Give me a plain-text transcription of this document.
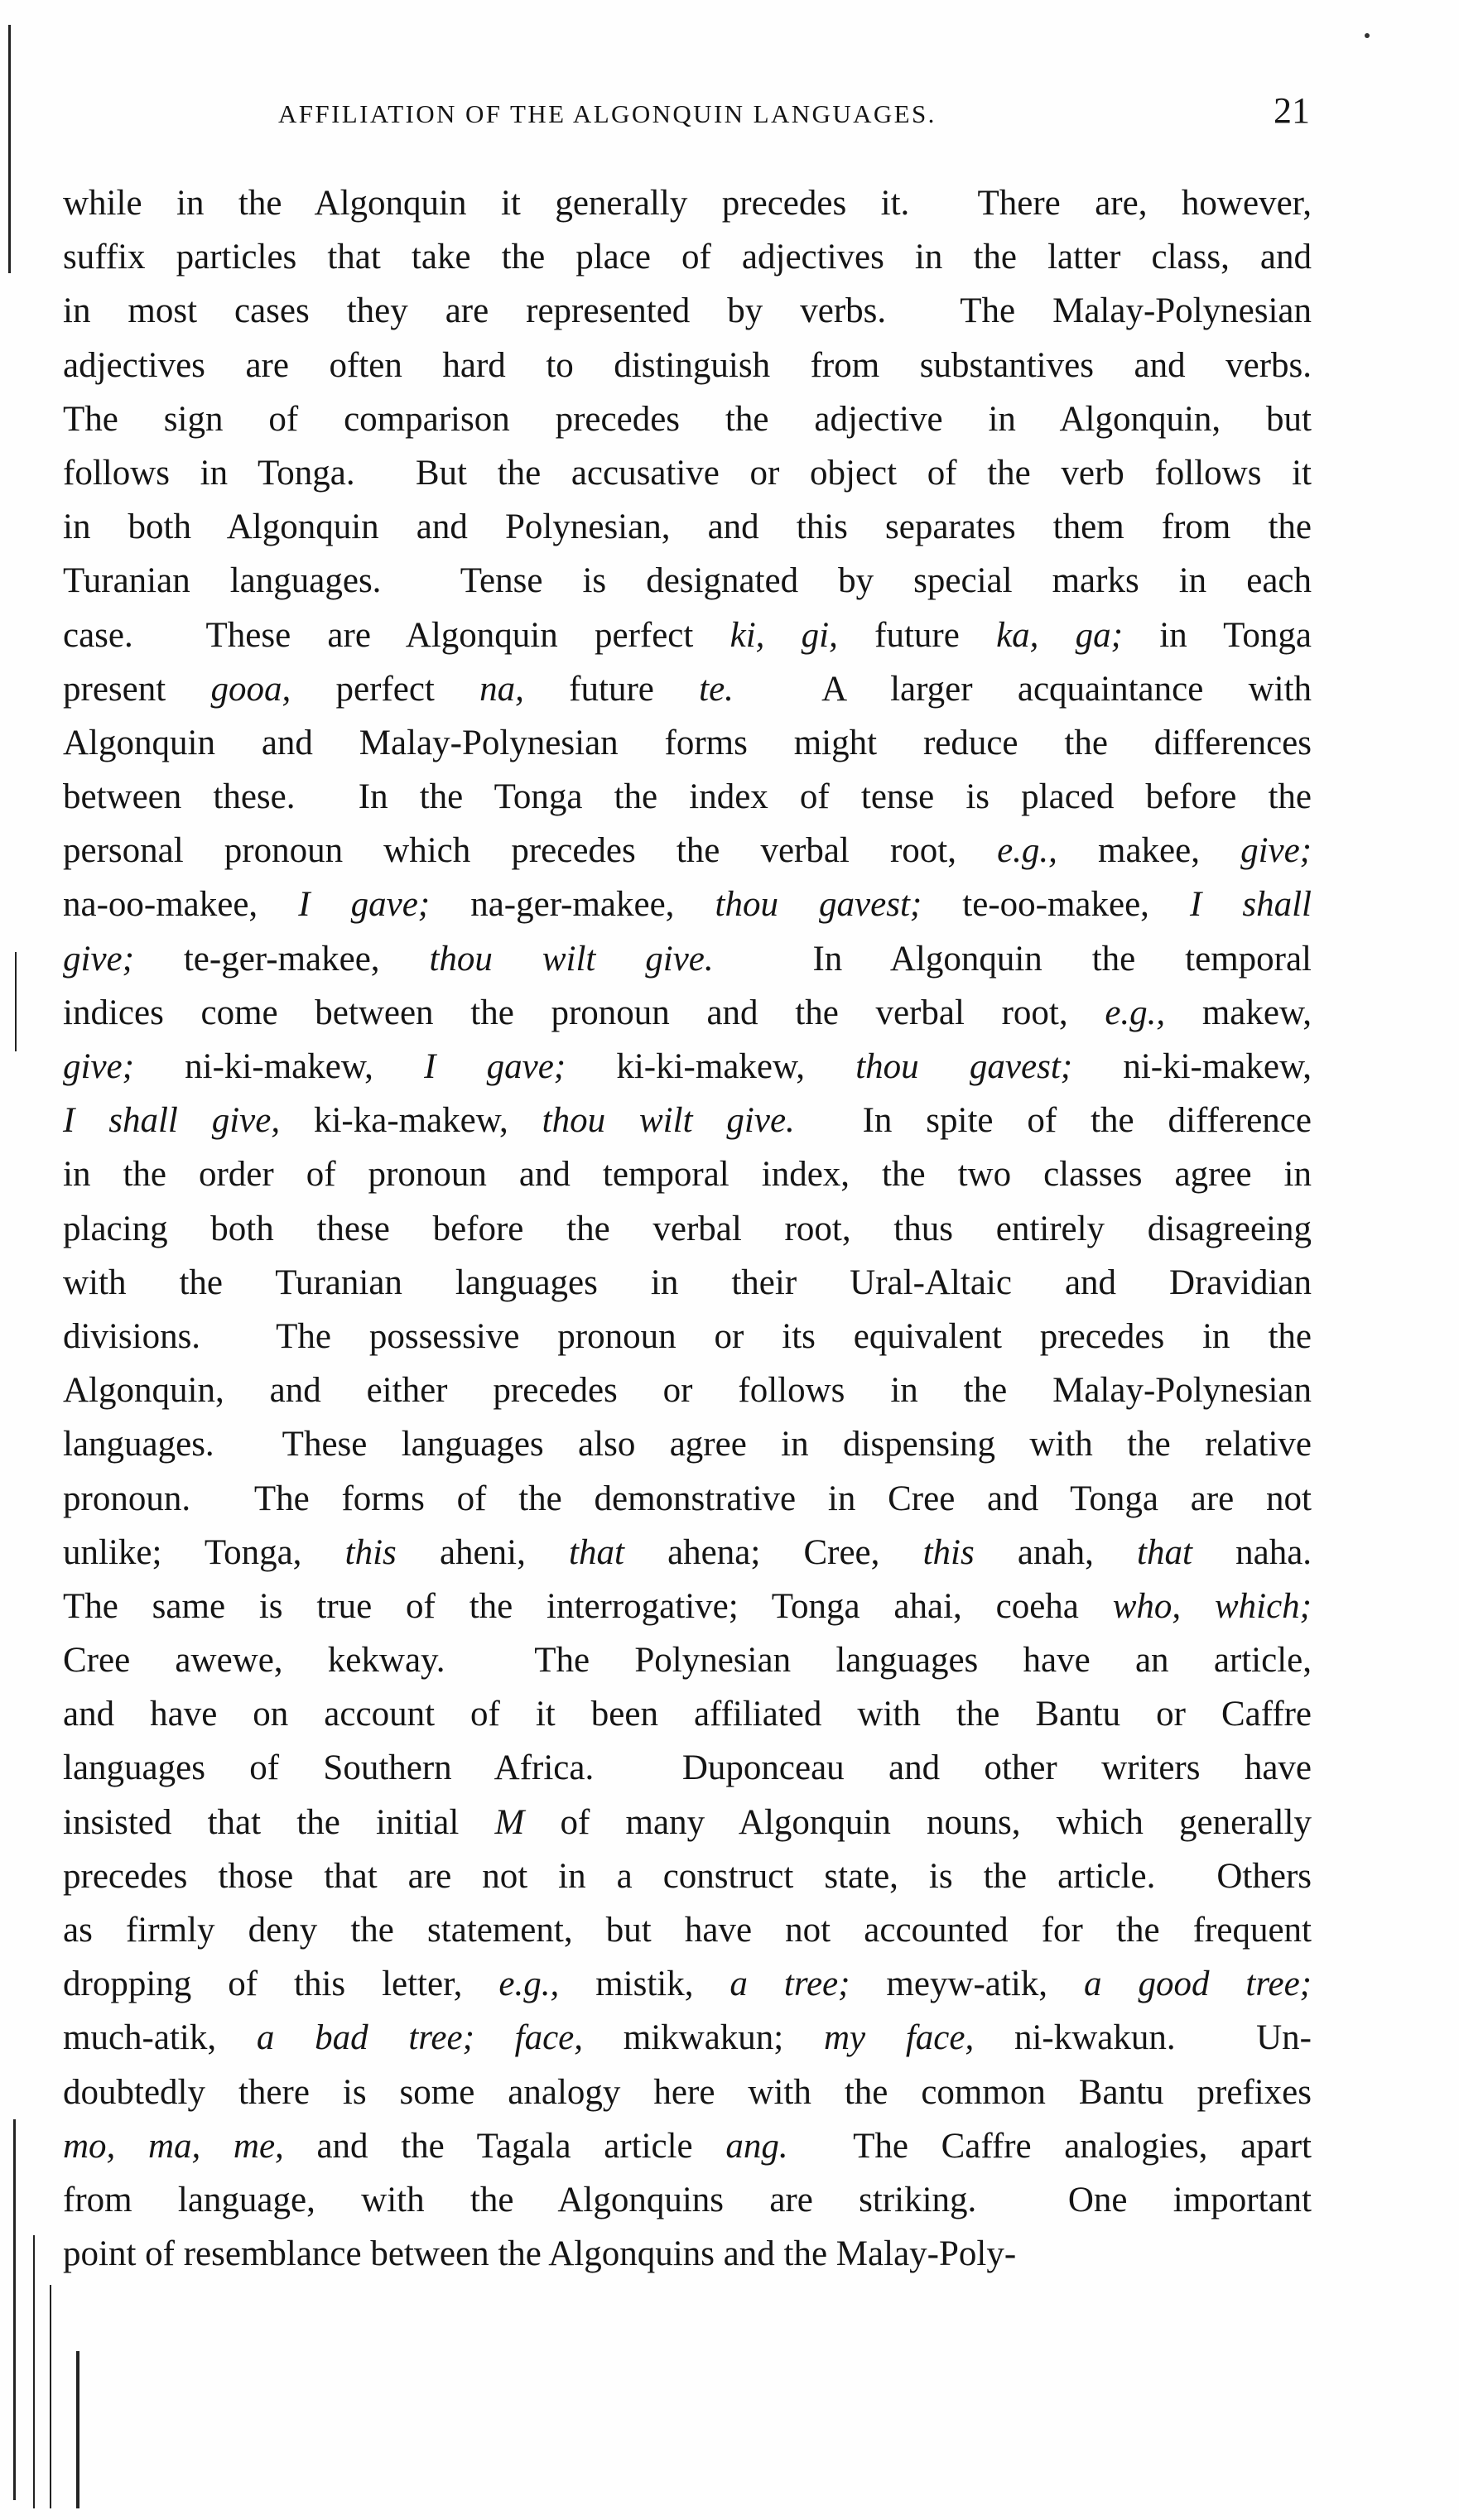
AFFILIATION OF THE ALGONQUIN LANGUAGES.	21
while in the Algonquin it generally precedes it.  There are, however,
suffix particles that take the place of adjectives in the latter class, and
in most cases they are represented by verbs.  The Malay-Polynesian
adjectives are often hard to distinguish from substantives and verbs.
The sign of comparison precedes the adjective in Algonquin, but
follows in Tonga.  But the accusative or object of the verb follows it
in both Algonquin and Polynesian, and this separates them from the
Turanian languages.  Tense is designated by special marks in each
case.  These are Algonquin perfect ki, gi, future ka, ga; in Tonga
present gooa, perfect na, future te.  A larger acquaintance with
Algonquin and Malay-Polynesian forms might reduce the differences
between these.  In the Tonga the index of tense is placed before the
personal pronoun which precedes the verbal root, e.g., makee, give;
na-oo-makee, I gave; na-ger-makee, thou gavest; te-oo-makee, I shall
give; te-ger-makee, thou wilt give.  In Algonquin the temporal
indices come between the pronoun and the verbal root, e.g., makew,
give; ni-ki-makew, I gave; ki-ki-makew, thou gavest; ni-ki-makew,
I shall give, ki-ka-makew, thou wilt give.  In spite of the difference
in the order of pronoun and temporal index, the two classes agree in
placing both these before the verbal root, thus entirely disagreeing
with the Turanian languages in their Ural-Altaic and Dravidian
divisions.  The possessive pronoun or its equivalent precedes in the
Algonquin, and either precedes or follows in the Malay-Polynesian
languages.  These languages also agree in dispensing with the relative
pronoun.  The forms of the demonstrative in Cree and Tonga are not
unlike; Tonga, this aheni, that ahena; Cree, this anah, that naha.
The same is true of the interrogative; Tonga ahai, coeha who, which;
Cree awewe, kekway.  The Polynesian languages have an article,
and have on account of it been affiliated with the Bantu or Caffre
languages of Southern Africa.  Duponceau and other writers have
insisted that the initial M of many Algonquin nouns, which generally
precedes those that are not in a construct state, is the article.  Others
as firmly deny the statement, but have not accounted for the frequent
dropping of this letter, e.g., mistik, a tree; meyw-atik, a good tree;
much-atik, a bad tree; face, mikwakun; my face, ni-kwakun.  Un-
doubtedly there is some analogy here with the common Bantu prefixes
mo, ma, me, and the Tagala article ang.  The Caffre analogies, apart
from language, with the Algonquins are striking.  One important
point of resemblance between the Algonquins and the Malay-Poly-
